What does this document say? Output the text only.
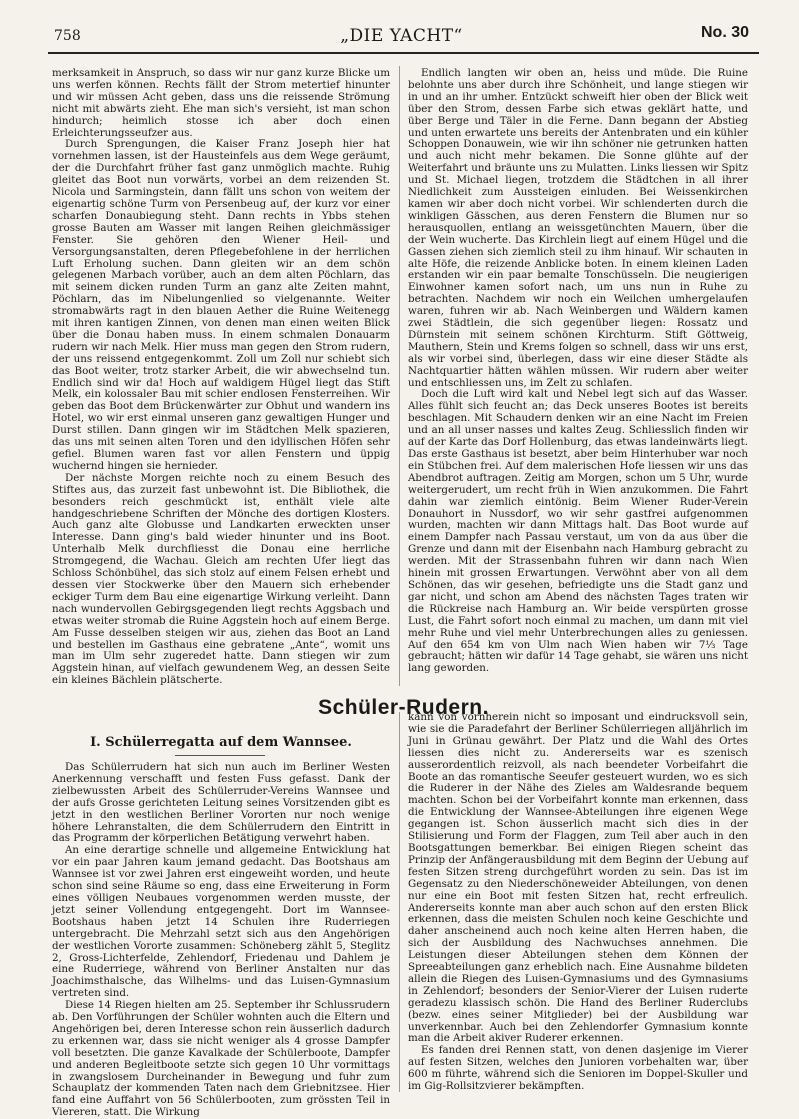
758	„DIE YACHT“	No. 30

merksamkeit in Anspruch, so dass wir nur ganz kurze Blicke um uns werfen können. Rechts fällt der Strom metertief hinunter und wir müssen Acht geben, dass uns die reissende Strömung nicht mit abwärts zieht. Ehe man sich's versieht, ist man schon hindurch; heimlich stosse ich aber doch einen Erleichterungsseufzer aus.

Durch Sprengungen, die Kaiser Franz Joseph hier hat vornehmen lassen, ist der Hausteinfels aus dem Wege geräumt, der die Durchfahrt früher fast ganz unmöglich machte. Ruhig gleitet das Boot nun vorwärts, vorbei an dem reizenden St. Nicola und Sarmingstein, dann fällt uns schon von weitem der eigenartig schöne Turm von Persenbeug auf, der kurz vor einer scharfen Donaubiegung steht. Dann rechts in Ybbs stehen grosse Bauten am Wasser mit langen Reihen gleichmässiger Fenster. Sie gehören den Wiener Heil- und Versorgungsanstalten, deren Pflegebefohlene in der herrlichen Luft Erholung suchen. Dann gleiten wir an dem schön gelegenen Marbach vorüber, auch an dem alten Pöchlarn, das mit seinem dicken runden Turm an ganz alte Zeiten mahnt, Pöchlarn, das im Nibelungenlied so vielgenannte. Weiter stromabwärts ragt in den blauen Aether die Ruine Weitenegg mit ihren kantigen Zinnen, von denen man einen weiten Blick über die Donau haben muss. In einem schmalen Donauarm rudern wir nach Melk. Hier muss man gegen den Strom rudern, der uns reissend entgegenkommt. Zoll um Zoll nur schiebt sich das Boot weiter, trotz starker Arbeit, die wir abwechselnd tun. Endlich sind wir da! Hoch auf waldigem Hügel liegt das Stift Melk, ein kolossaler Bau mit schier endlosen Fensterreihen. Wir geben das Boot dem Brückenwärter zur Obhut und wandern ins Hotel, wo wir erst einmal unseren ganz gewaltigen Hunger und Durst stillen. Dann gingen wir im Städtchen Melk spazieren, das uns mit seinen alten Toren und den idyllischen Höfen sehr gefiel. Blumen waren fast vor allen Fenstern und üppig wuchernd hingen sie hernieder.

Der nächste Morgen reichte noch zu einem Besuch des Stiftes aus, das zurzeit fast unbewohnt ist. Die Bibliothek, die besonders reich geschmückt ist, enthält viele alte handgeschriebene Schriften der Mönche des dortigen Klosters. Auch ganz alte Globusse und Landkarten erweckten unser Interesse. Dann ging's bald wieder hinunter und ins Boot. Unterhalb Melk durchfliesst die Donau eine herrliche Stromgegend, die Wachau. Gleich am rechten Ufer liegt das Schloss Schönbühel, das sich stolz auf einem Felsen erhebt und dessen vier Stockwerke über den Mauern sich erhebender eckiger Turm dem Bau eine eigenartige Wirkung verleiht. Dann nach wundervollen Gebirgsgegenden liegt rechts Aggsbach und etwas weiter stromab die Ruine Aggstein hoch auf einem Berge. Am Fusse desselben steigen wir aus, ziehen das Boot an Land und bestellen im Gasthaus eine gebratene „Ante“, womit uns man im Ulm sehr zugeredet hatte. Dann stiegen wir zum Aggstein hinan, auf vielfach gewundenem Weg, an dessen Seite ein kleines Bächlein plätscherte.

Endlich langten wir oben an, heiss und müde. Die Ruine belohnte uns aber durch ihre Schönheit, und lange stiegen wir in und an ihr umher. Entzückt schweift hier oben der Blick weit über den Strom, dessen Farbe sich etwas geklärt hatte, und über Berge und Täler in die Ferne. Dann begann der Abstieg und unten erwartete uns bereits der Antenbraten und ein kühler Schoppen Donauwein, wie wir ihn schöner nie getrunken hatten und auch nicht mehr bekamen. Die Sonne glühte auf der Weiterfahrt und bräunte uns zu Mulatten. Links liessen wir Spitz und St. Michael liegen, trotzdem die Städtchen in all ihrer Niedlichkeit zum Aussteigen einluden. Bei Weissenkirchen kamen wir aber doch nicht vorbei. Wir schlenderten durch die winkligen Gässchen, aus deren Fenstern die Blumen nur so herausquollen, entlang an weissgetünchten Mauern, über die der Wein wucherte. Das Kirchlein liegt auf einem Hügel und die Gassen ziehen sich ziemlich steil zu ihm hinauf. Wir schauten in alte Höfe, die reizende Anblicke boten. In einem kleinen Laden erstanden wir ein paar bemalte Tonschüsseln. Die neugierigen Einwohner kamen sofort nach, um uns nun in Ruhe zu betrachten. Nachdem wir noch ein Weilchen umhergelaufen waren, fuhren wir ab. Nach Weinbergen und Wäldern kamen zwei Städtlein, die sich gegenüber liegen: Rossatz und Dürnstein mit seinem schönen Kirchturm. Stift Göttweig, Mauthern, Stein und Krems folgen so schnell, dass wir uns erst, als wir vorbei sind, überlegen, dass wir eine dieser Städte als Nachtquartier hätten wählen müssen. Wir rudern aber weiter und entschliessen uns, im Zelt zu schlafen.

Doch die Luft wird kalt und Nebel legt sich auf das Wasser. Alles fühlt sich feucht an; das Deck unseres Bootes ist bereits beschlagen. Mit Schaudern denken wir an eine Nacht im Freien und an all unser nasses und kaltes Zeug. Schliesslich finden wir auf der Karte das Dorf Hollenburg, das etwas landeinwärts liegt. Das erste Gasthaus ist besetzt, aber beim Hinterhuber war noch ein Stübchen frei. Auf dem malerischen Hofe liessen wir uns das Abendbrot auftragen. Zeitig am Morgen, schon um 5 Uhr, wurde weitergerudert, um recht früh in Wien anzukommen. Die Fahrt dahin war ziemlich eintönig. Beim Wiener Ruder-Verein Donauhort in Nussdorf, wo wir sehr gastfrei aufgenommen wurden, machten wir dann Mittags halt. Das Boot wurde auf einem Dampfer nach Passau verstaut, um von da aus über die Grenze und dann mit der Eisenbahn nach Hamburg gebracht zu werden. Mit der Strassenbahn fuhren wir dann nach Wien hinein mit grossen Erwartungen. Verwöhnt aber von all dem Schönen, das wir gesehen, befriedigte uns die Stadt ganz und gar nicht, und schon am Abend des nächsten Tages traten wir die Rückreise nach Hamburg an. Wir beide verspürten grosse Lust, die Fahrt sofort noch einmal zu machen, um dann mit viel mehr Ruhe und viel mehr Unterbrechungen alles zu geniessen. Auf den 654 km von Ulm nach Wien haben wir 7⅓ Tage gebraucht; hätten wir dafür 14 Tage gehabt, sie wären uns nicht lang geworden.

Schüler-Rudern.
I. Schülerregatta auf dem Wannsee.

Das Schülerrudern hat sich nun auch im Berliner Westen Anerkennung verschafft und festen Fuss gefasst. Dank der zielbewussten Arbeit des Schülerruder-Vereins Wannsee und der aufs Grosse gerichteten Leitung seines Vorsitzenden gibt es jetzt in den westlichen Berliner Vororten nur noch wenige höhere Lehranstalten, die dem Schülerrudern den Eintritt in das Programm der körperlichen Betätigung verwehrt haben.

An eine derartige schnelle und allgemeine Entwicklung hat vor ein paar Jahren kaum jemand gedacht. Das Bootshaus am Wannsee ist vor zwei Jahren erst eingeweiht worden, und heute schon sind seine Räume so eng, dass eine Erweiterung in Form eines völligen Neubaues vorgenommen werden musste, der jetzt seiner Vollendung entgegengeht. Dort im Wannsee-Bootshaus haben jetzt 14 Schulen ihre Ruderriegen untergebracht. Die Mehrzahl setzt sich aus den Angehörigen der westlichen Vororte zusammen: Schöneberg zählt 5, Steglitz 2, Gross-Lichterfelde, Zehlendorf, Friedenau und Dahlem je eine Ruderriege, während von Berliner Anstalten nur das Joachimsthalsche, das Wilhelms- und das Luisen-Gymnasium vertreten sind.

Diese 14 Riegen hielten am 25. September ihr Schlussrudern ab. Den Vorführungen der Schüler wohnten auch die Eltern und Angehörigen bei, deren Interesse schon rein äusserlich dadurch zu erkennen war, dass sie nicht weniger als 4 grosse Dampfer voll besetzten. Die ganze Kavalkade der Schülerboote, Dampfer und anderen Begleitboote setzte sich gegen 10 Uhr vormittags in zwangslosem Durcheinander in Bewegung und fuhr zum Schauplatz der kommenden Taten nach dem Griebnitzsee. Hier fand eine Auffahrt von 56 Schülerbooten, zum grössten Teil in Viereren, statt. Die Wirkung

kann von vornherein nicht so imposant und eindrucksvoll sein, wie sie die Paradefahrt der Berliner Schülerriegen alljährlich im Juni in Grünau gewährt. Der Platz und die Wahl des Ortes liessen dies nicht zu. Andererseits war es szenisch ausserordentlich reizvoll, als nach beendeter Vorbeifahrt die Boote an das romantische Seeufer gesteuert wurden, wo es sich die Ruderer in der Nähe des Zieles am Waldesrande bequem machten. Schon bei der Vorbeifahrt konnte man erkennen, dass die Entwicklung der Wannsee-Abteilungen ihre eigenen Wege gegangen ist. Schon äusserlich macht sich dies in der Stilisierung und Form der Flaggen, zum Teil aber auch in den Bootsgattungen bemerkbar. Bei einigen Riegen scheint das Prinzip der Anfängerausbildung mit dem Beginn der Uebung auf festen Sitzen streng durchgeführt worden zu sein. Das ist im Gegensatz zu den Niederschöneweider Abteilungen, von denen nur eine ein Boot mit festen Sitzen hat, recht erfreulich. Andererseits konnte man aber auch schon auf den ersten Blick erkennen, dass die meisten Schulen noch keine Geschichte und daher anscheinend auch noch keine alten Herren haben, die sich der Ausbildung des Nachwuchses annehmen. Die Leistungen dieser Abteilungen stehen dem Können der Spreeabteilungen ganz erheblich nach. Eine Ausnahme bildeten allein die Riegen des Luisen-Gymnasiums und des Gymnasiums in Zehlendorf; besonders der Senior-Vierer der Luisen ruderte geradezu klassisch schön. Die Hand des Berliner Ruderclubs (bezw. eines seiner Mitglieder) bei der Ausbildung war unverkennbar. Auch bei den Zehlendorfer Gymnasium konnte man die Arbeit akiver Ruderer erkennen.

Es fanden drei Rennen statt, von denen dasjenige im Vierer auf festen Sitzen, welches den Junioren vorbehalten war, über 600 m führte, während sich die Senioren im Doppel-Skuller und im Gig-Rollsitzvierer bekämpften.
